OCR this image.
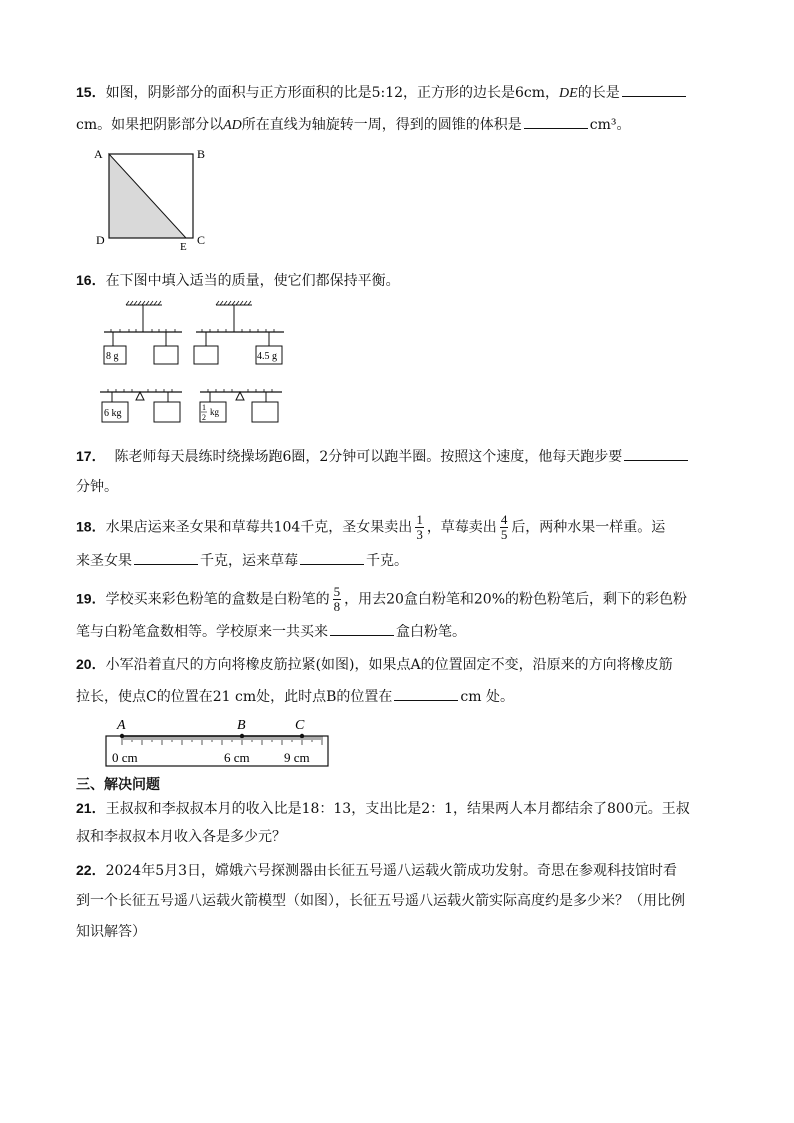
15．如图，阴影部分的面积与正方形面积的比是5:12，正方形的边长是6cm，DE的长是
cm。如果把阴影部分以AD所在直线为轴旋转一周，得到的圆锥的体积是	cm³。
A	B
C
D	E
16．在下图中填入适当的质量，使它们都保持平衡。
8 g	4.5 g
6 kg
1
2
kg
17． 陈老师每天晨练时绕操场跑6圈，2分钟可以跑半圈。按照这个速度，他每天跑步要
分钟。
18．水果店运来圣女果和草莓共104千克，圣女果卖出 $\frac{1}{3}$ ，草莓卖出 $\frac{4}{5}$ 后，两种水果一样重。运
来圣女果	千克，运来草莓	千克。
19．学校买来彩色粉笔的盒数是白粉笔的 $\frac{5}{8}$ ，用去20盒白粉笔和20%的粉色粉笔后，剩下的彩色粉
笔与白粉笔盒数相等。学校原来一共买来	盒白粉笔。
20．小军沿着直尺的方向将橡皮筋拉紧(如图)，如果点A的位置固定不变，沿原来的方向将橡皮筋
拉长，使点C的位置在21 cm处，此时点B的位置在	cm 处。
A	B	C
0 cm	6 cm	9 cm
三、解决问题
21．王叔叔和李叔叔本月的收入比是18：13，支出比是2：1，结果两人本月都结余了800元。王叔
叔和李叔叔本月收入各是多少元？
22．2024年5月3日，嫦娥六号探测器由长征五号遥八运载火箭成功发射。奇思在参观科技馆时看
到一个长征五号遥八运载火箭模型（如图），长征五号遥八运载火箭实际高度约是多少米？（用比例
知识解答）
